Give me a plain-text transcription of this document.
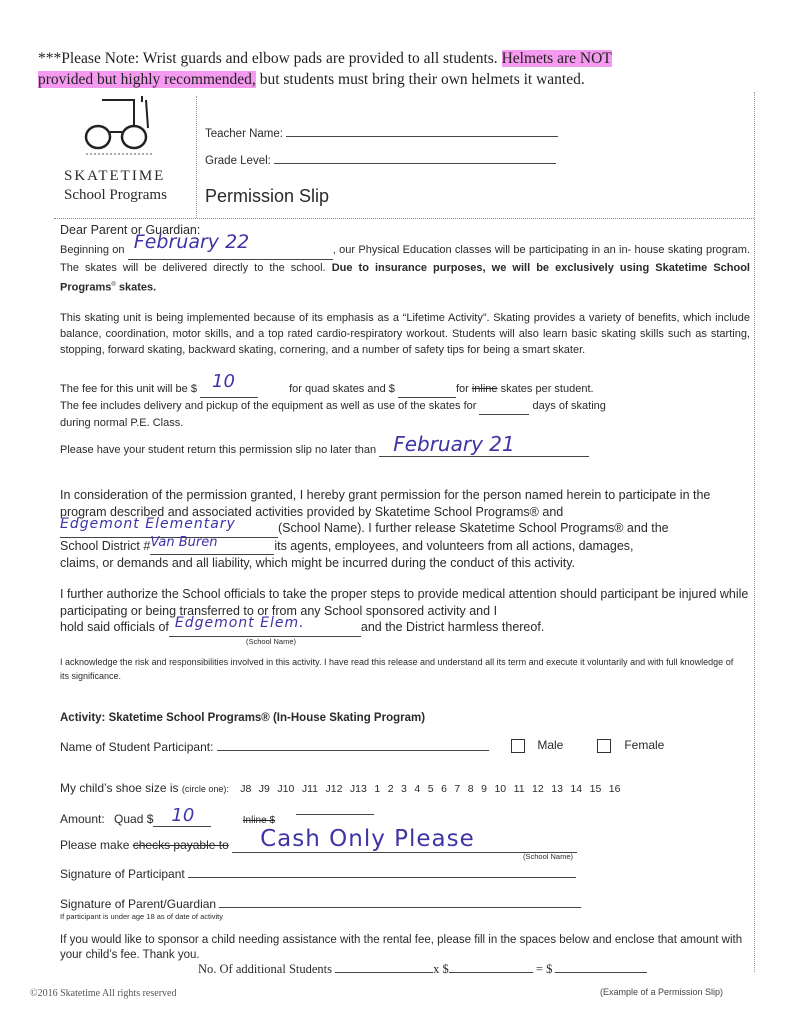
***Please Note: Wrist guards and elbow pads are provided to all students. Helmets are NOT
provided but highly recommended, but students must bring their own helmets it wanted.
SKATETIME
School Programs
Teacher Name:
Grade Level:
Permission Slip
Dear Parent or Guardian:
Beginning on February 22	, our Physical Education classes will be participating in an in- house skating program. The skates will be delivered directly to the school. Due to insurance purposes, we will be exclusively using Skatetime School Programs® skates.
This skating unit is being implemented because of its emphasis as a “Lifetime Activity”. Skating provides a variety of benefits, which include balance, coordination, motor skills, and a top rated cardio-respiratory workout. Students will also learn basic skating skills such as starting, stopping, forward skating, backward skating, cornering, and a number of safety tips for being a smart skater.
The fee for this unit will be $ 10	for quad skates and $	for inline skates per student.
The fee includes delivery and pickup of the equipment as well as use of the skates for	days of skating
during normal P.E. Class.
Please have your student return this permission slip no later than February 21

In consideration of the permission granted, I hereby grant permission for the person named herein to participate in the program described and associated activities provided by Skatetime School Programs® and

Edgemont Elementary	(School Name). I further release Skatetime School Programs® and the
School District # Van Buren	its agents, employees, and volunteers from all actions, damages,
claims, or demands and all liability, which might be incurred during the conduct of this activity.
I further authorize the School officials to take the proper steps to provide medical attention should participant be injured while participating or being transferred to or from any School sponsored activity and I
hold said officials of Edgemont Elem.	and the District harmless thereof.
(School Name)
I acknowledge the risk and responsibilities involved in this activity. I have read this release and understand all its term and execute it voluntarily and with full knowledge of its significance.
Activity: Skatetime School Programs® (In-House Skating Program)
Name of Student Participant:	Male	Female
My child’s shoe size is (circle one): J8 J9 J10 J11 J12 J13 1 2 3 4 5 6 7 8 9 10 11 12 13 14 15 16
Amount: Quad $ 10	Inline $
Please make checks payable to Cash Only Please

(School Name)
Signature of Participant
Signature of Parent/Guardian
If participant is under age 18 as of date of activity
If you would like to sponsor a child needing assistance with the rental fee, please fill in the spaces below and enclose that amount with your child’s fee. Thank you.
No. Of additional Students	x $	= $
©2016 Skatetime All rights reserved	(Example of a Permission Slip)
